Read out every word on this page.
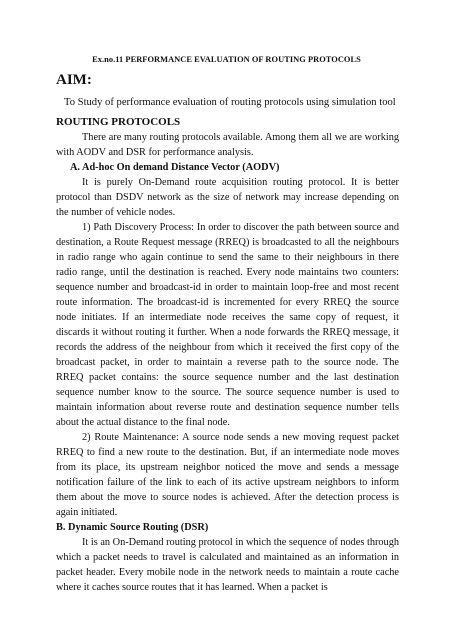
Ex.no.11 PERFORMANCE EVALUATION OF ROUTING PROTOCOLS
AIM:
To Study of performance evaluation of routing protocols using simulation tool
ROUTING PROTOCOLS

There are many routing protocols available. Among them all we are working with AODV and DSR for performance analysis.

A. Ad-hoc On demand Distance Vector (AODV)

It is purely On-Demand route acquisition routing protocol. It is better protocol than DSDV network as the size of network may increase depending on the number of vehicle nodes.

1) Path Discovery Process: In order to discover the path between source and destination, a Route Request message (RREQ) is broadcasted to all the neighbours in radio range who again continue to send the same to their neighbours in there radio range, until the destination is reached. Every node maintains two counters: sequence number and broadcast-id in order to maintain loop-free and most recent route information. The broadcast-id is incremented for every RREQ the source node initiates. If an intermediate node receives the same copy of request, it discards it without routing it further. When a node forwards the RREQ message, it records the address of the neighbour from which it received the first copy of the broadcast packet, in order to maintain a reverse path to the source node. The RREQ packet contains: the source sequence number and the last destination sequence number know to the source. The source sequence number is used to maintain information about reverse route and destination sequence number tells about the actual distance to the final node.

2) Route Maintenance: A source node sends a new moving request packet RREQ to find a new route to the destination. But, if an intermediate node moves from its place, its upstream neighbor noticed the move and sends a message notification failure of the link to each of its active upstream neighbors to inform them about the move to source nodes is achieved. After the detection process is again initiated.

B. Dynamic Source Routing (DSR)

It is an On-Demand routing protocol in which the sequence of nodes through which a packet needs to travel is calculated and maintained as an information in packet header. Every mobile node in the network needs to maintain a route cache where it caches source routes that it has learned. When a packet is
